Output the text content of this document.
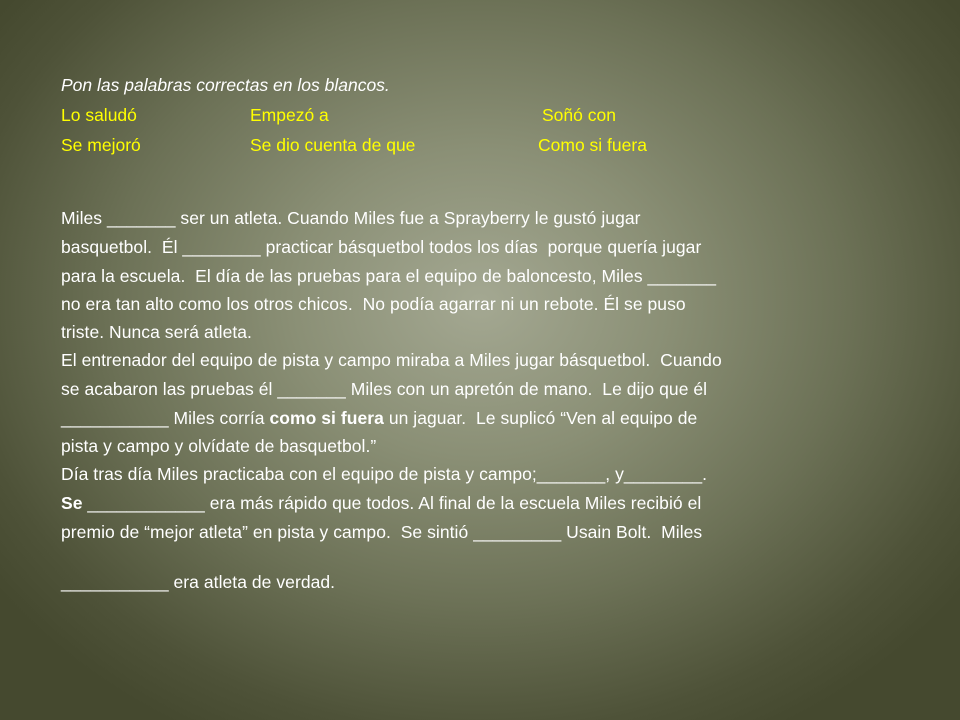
Pon las palabras correctas en los blancos.
Lo saludó	Empezó a	Soñó con
Se mejoró	Se dio cuenta de que	Como si fuera
Miles _______ ser un atleta. Cuando Miles fue a Sprayberry le gustó jugar
basquetbol.  Él ________ practicar básquetbol todos los días  porque quería jugar
para la escuela.  El día de las pruebas para el equipo de baloncesto, Miles _______
no era tan alto como los otros chicos.  No podía agarrar ni un rebote. Él se puso
triste. Nunca será atleta.
El entrenador del equipo de pista y campo miraba a Miles jugar básquetbol.  Cuando
se acabaron las pruebas él _______ Miles con un apretón de mano.  Le dijo que él
___________ Miles corría como si fuera un jaguar.  Le suplicó “Ven al equipo de
pista y campo y olvídate de basquetbol.”
Día tras día Miles practicaba con el equipo de pista y campo;_______, y________.
Se ____________ era más rápido que todos. Al final de la escuela Miles recibió el
premio de “mejor atleta” en pista y campo.  Se sintió _________ Usain Bolt.  Miles
___________ era atleta de verdad.
